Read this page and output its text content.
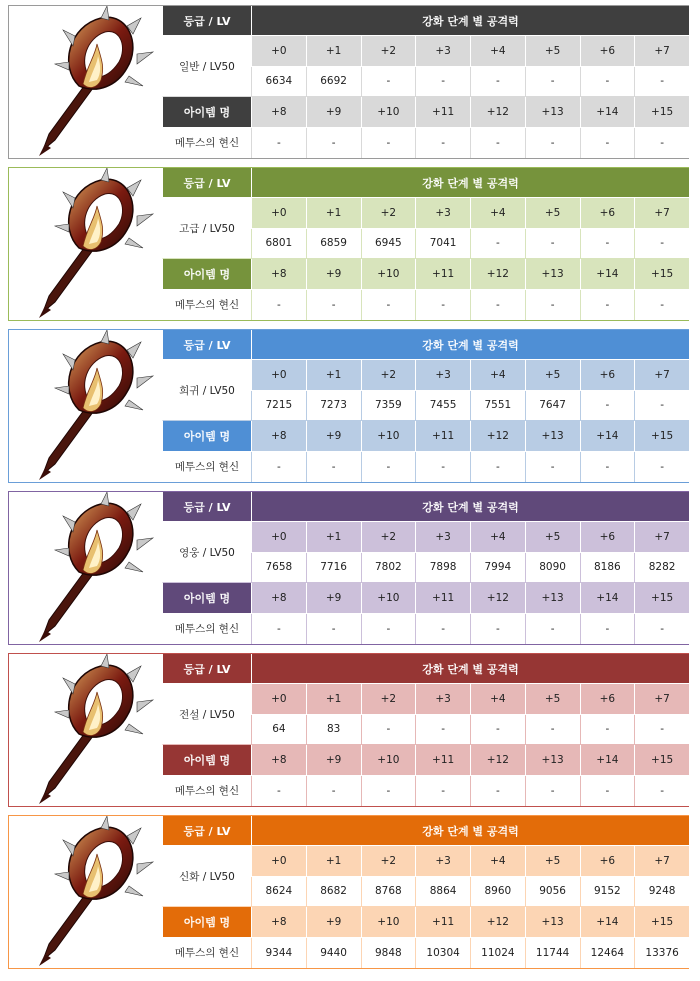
등급 / LV	강화 단계 별 공격력
일반 / LV50
+0	+1	+2	+3	+4	+5	+6	+7
6634	6692	-	-	-	-	-	-
아이템 명	+8	+9	+10	+11	+12	+13	+14	+15
메투스의 현신	-	-	-	-	-	-	-	-
등급 / LV	강화 단계 별 공격력
고급 / LV50
+0	+1	+2	+3	+4	+5	+6	+7
6801	6859	6945	7041	-	-	-	-
아이템 명	+8	+9	+10	+11	+12	+13	+14	+15
메투스의 현신	-	-	-	-	-	-	-	-
등급 / LV	강화 단계 별 공격력
희귀 / LV50
+0	+1	+2	+3	+4	+5	+6	+7
7215	7273	7359	7455	7551	7647	-	-
아이템 명	+8	+9	+10	+11	+12	+13	+14	+15
메투스의 현신	-	-	-	-	-	-	-	-
등급 / LV	강화 단계 별 공격력
영웅 / LV50
+0	+1	+2	+3	+4	+5	+6	+7
7658	7716	7802	7898	7994	8090	8186	8282
아이템 명	+8	+9	+10	+11	+12	+13	+14	+15
메투스의 현신	-	-	-	-	-	-	-	-
등급 / LV	강화 단계 별 공격력
전설 / LV50
+0	+1	+2	+3	+4	+5	+6	+7
64	83	-	-	-	-	-	-
아이템 명	+8	+9	+10	+11	+12	+13	+14	+15
메투스의 현신	-	-	-	-	-	-	-	-
등급 / LV	강화 단계 별 공격력
신화 / LV50
+0	+1	+2	+3	+4	+5	+6	+7
8624	8682	8768	8864	8960	9056	9152	9248
아이템 명	+8	+9	+10	+11	+12	+13	+14	+15
메투스의 현신	9344	9440	9848	10304	11024	11744	12464	13376
